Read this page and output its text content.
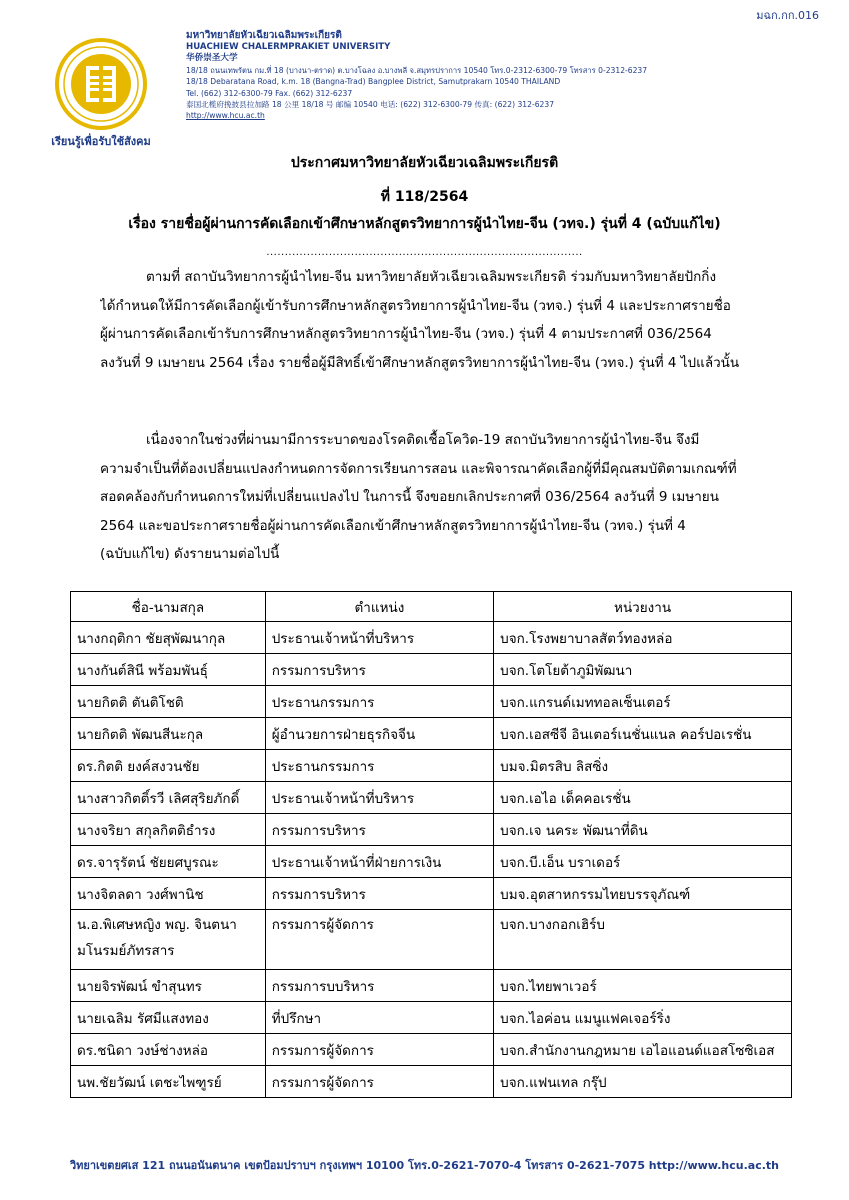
มฉก.กก.016
เรียนรู้เพื่อรับใช้สังคม
มหาวิทยาลัยหัวเฉียวเฉลิมพระเกียรติ
HUACHIEW CHALERMPRAKIET UNIVERSITY
华侨崇圣大学
18/18 ถนนเทพรัตน กม.ที่ 18 (บางนา-ตราด) ต.บางโฉลง อ.บางพลี จ.สมุทรปราการ 10540 โทร.0-2312-6300-79 โทรสาร 0-2312-6237
18/18 Debaratana Road, k.m. 18 (Bangna-Trad) Bangplee District, Samutprakarn 10540 THAILAND
Tel. (662) 312-6300-79 Fax. (662) 312-6237
泰国北榄府挽披县拉加路 18 公里 18/18 号 邮编 10540 电话: (622) 312-6300-79 传真: (622) 312-6237
http://www.hcu.ac.th
ประกาศมหาวิทยาลัยหัวเฉียวเฉลิมพระเกียรติ
ที่ 118/2564
เรื่อง รายชื่อผู้ผ่านการคัดเลือกเข้าศึกษาหลักสูตรวิทยาการผู้นำไทย-จีน (วทจ.) รุ่นที่ 4 (ฉบับแก้ไข)
......................................................................................
ตามที่ สถาบันวิทยาการผู้นำไทย-จีน มหาวิทยาลัยหัวเฉียวเฉลิมพระเกียรติ ร่วมกับมหาวิทยาลัยปักกิ่ง
ได้กำหนดให้มีการคัดเลือกผู้เข้ารับการศึกษาหลักสูตรวิทยาการผู้นำไทย-จีน (วทจ.) รุ่นที่ 4 และประกาศรายชื่อ
ผู้ผ่านการคัดเลือกเข้ารับการศึกษาหลักสูตรวิทยาการผู้นำไทย-จีน (วทจ.) รุ่นที่ 4 ตามประกาศที่ 036/2564
ลงวันที่ 9 เมษายน 2564 เรื่อง รายชื่อผู้มีสิทธิ์เข้าศึกษาหลักสูตรวิทยาการผู้นำไทย-จีน (วทจ.) รุ่นที่ 4 ไปแล้วนั้น
เนื่องจากในช่วงที่ผ่านมามีการระบาดของโรคติดเชื้อโควิด-19 สถาบันวิทยาการผู้นำไทย-จีน จึงมี
ความจำเป็นที่ต้องเปลี่ยนแปลงกำหนดการจัดการเรียนการสอน และพิจารณาคัดเลือกผู้ที่มีคุณสมบัติตามเกณฑ์ที่
สอดคล้องกับกำหนดการใหม่ที่เปลี่ยนแปลงไป ในการนี้ จึงขอยกเลิกประกาศที่ 036/2564 ลงวันที่ 9 เมษายน
2564 และขอประกาศรายชื่อผู้ผ่านการคัดเลือกเข้าศึกษาหลักสูตรวิทยาการผู้นำไทย-จีน (วทจ.) รุ่นที่ 4
(ฉบับแก้ไข) ดังรายนามต่อไปนี้
ชื่อ-นามสกุล	ตำแหน่ง	หน่วยงาน
นางกฤติกา ชัยสุพัฒนากุล	ประธานเจ้าหน้าที่บริหาร	บจก.โรงพยาบาลสัตว์ทองหล่อ
นางกันต์สินี พร้อมพันธุ์	กรรมการบริหาร	บจก.โตโยต้าภูมิพัฒนา
นายกิตติ ตันติโชติ	ประธานกรรมการ	บจก.แกรนด์เมททอลเซ็นเตอร์
นายกิตติ พัฒนสีนะกุล	ผู้อำนวยการฝ่ายธุรกิจจีน	บจก.เอสซีจี อินเตอร์เนชั่นแนล คอร์ปอเรชั่น
ดร.กิตติ ยงค์สงวนชัย	ประธานกรรมการ	บมจ.มิตรสิบ ลิสซิ่ง
นางสาวกิตติ์รวี เลิศสุริยภักดิ์	ประธานเจ้าหน้าที่บริหาร	บจก.เอไอ เด็คคอเรชั่น
นางจริยา สกุลกิตติธำรง	กรรมการบริหาร	บจก.เจ นคระ พัฒนาที่ดิน
ดร.จารุรัตน์ ชัยยศบูรณะ	ประธานเจ้าหน้าที่ฝ่ายการเงิน	บจก.บี.เอ็น บราเดอร์
นางจิตลดา วงศ์พานิช	กรรมการบริหาร	บมจ.อุตสาหกรรมไทยบรรจุภัณฑ์
น.อ.พิเศษหญิง พญ. จินตนา มโนรมย์ภัทรสาร	กรรมการผู้จัดการ	บจก.บางกอกเฮิร์บ
นายจิรพัฒน์ ขำสุนทร	กรรมการบบริหาร	บจก.ไทยพาเวอร์
นายเฉลิม รัศมีแสงทอง	ที่ปรึกษา	บจก.ไอค่อน แมนูแฟคเจอร์ริ่ง
ดร.ชนิดา วงษ์ช่างหล่อ	กรรมการผู้จัดการ	บจก.สำนักงานกฎหมาย เอไอแอนด์แอสโซซิเอส
นพ.ชัยวัฒน์ เตชะไพฑูรย์	กรรมการผู้จัดการ	บจก.แฟนเทล กรุ๊ป
วิทยาเขตยศเส 121 ถนนอนันตนาค เขตป้อมปราบฯ กรุงเทพฯ 10100 โทร.0-2621-7070-4 โทรสาร 0-2621-7075 http://www.hcu.ac.th
